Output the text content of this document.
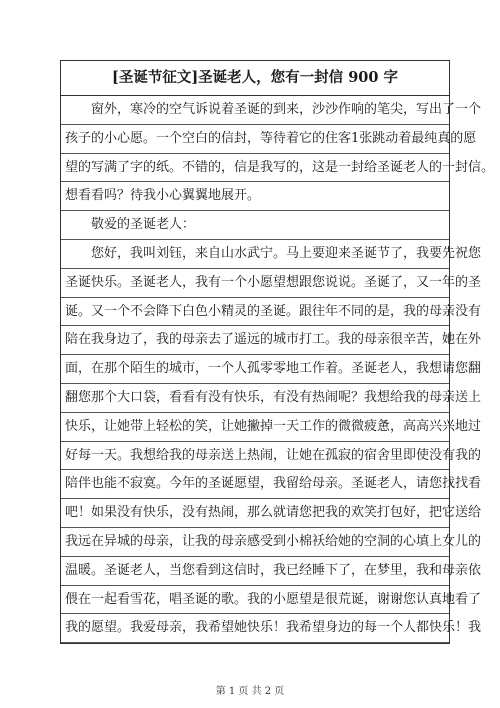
[圣诞节征文]圣诞老人，您有一封信 900 字
窗外，寒冷的空气诉说着圣诞的到来，沙沙作响的笔尖，写出了一个
孩子的小心愿。一个空白的信封，等待着它的住客1张跳动着最纯真的愿
望的写满了字的纸。不错的，信是我写的，这是一封给圣诞老人的一封信。
想看看吗？待我小心翼翼地展开。
敬爱的圣诞老人：
您好，我叫刘钰，来自山水武宁。马上要迎来圣诞节了，我要先祝您
圣诞快乐。圣诞老人，我有一个小愿望想跟您说说。圣诞了，又一年的圣
诞。又一个不会降下白色小精灵的圣诞。跟往年不同的是，我的母亲没有
陪在我身边了，我的母亲去了遥远的城市打工。我的母亲很辛苦，她在外
面，在那个陌生的城市，一个人孤零零地工作着。圣诞老人，我想请您翻
翻您那个大口袋，看看有没有快乐，有没有热闹呢？我想给我的母亲送上
快乐，让她带上轻松的笑，让她撇掉一天工作的微微疲惫，高高兴兴地过
好每一天。我想给我的母亲送上热闹，让她在孤寂的宿舍里即使没有我的
陪伴也能不寂寞。今年的圣诞愿望，我留给母亲。圣诞老人，请您找找看
吧！如果没有快乐，没有热闹，那么就请您把我的欢笑打包好，把它送给
我远在异城的母亲，让我的母亲感受到小棉袄给她的空洞的心填上女儿的
温暖。圣诞老人，当您看到这信时，我已经睡下了，在梦里，我和母亲依
偎在一起看雪花，唱圣诞的歌。我的小愿望是很荒诞，谢谢您认真地看了
我的愿望。我爱母亲，我希望她快乐！我希望身边的每一个人都快乐！我
第 1 页 共 2 页
